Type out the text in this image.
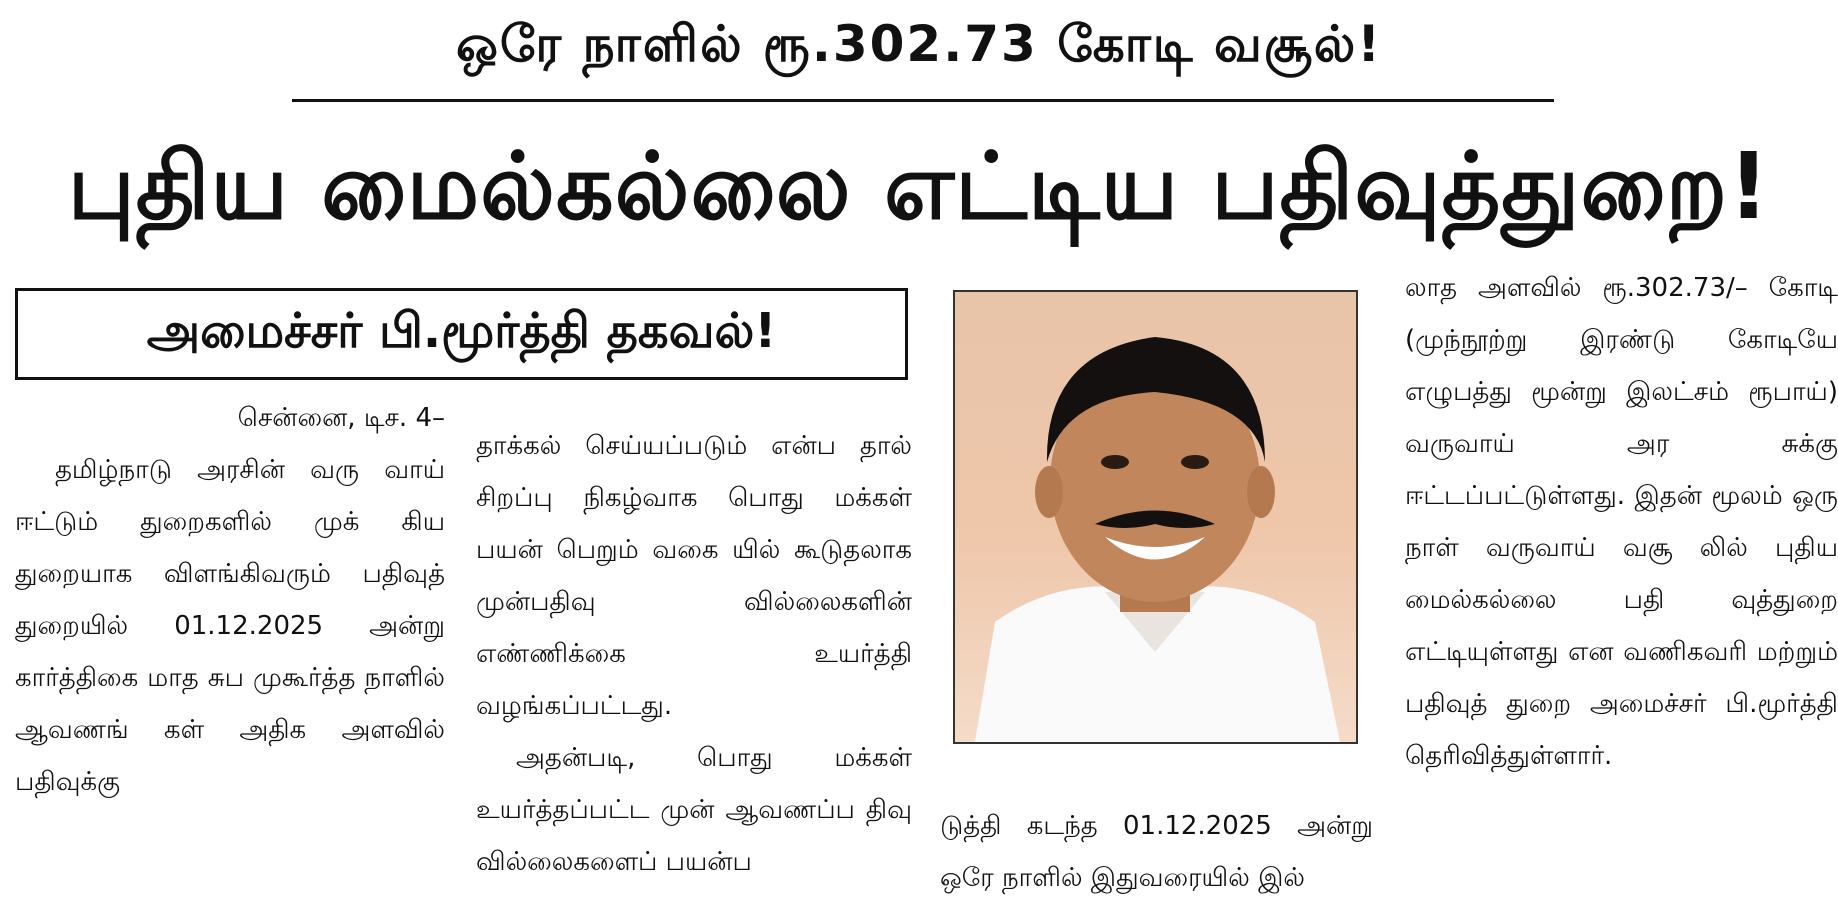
ஒரே நாளில் ரூ.302.73 கோடி வசூல்!
புதிய மைல்கல்லை எட்டிய பதிவுத்துறை!
அமைச்சர் பி.மூர்த்தி தகவல்!

சென்னை, டிச. 4–

தமிழ்நாடு அரசின் வரு வாய் ஈட்டும் துறைகளில் முக் கிய துறையாக விளங்கிவரும் பதிவுத் துறையில் 01.12.2025 அன்று கார்த்திகை மாத சுப முகூர்த்த நாளில் ஆவணங் கள் அதிக அளவில் பதிவுக்கு

தாக்கல் செய்யப்படும் என்ப தால் சிறப்பு நிகழ்வாக பொது மக்கள் பயன் பெறும் வகை யில் கூடுதலாக முன்பதிவு வில்லைகளின் எண்ணிக்கை உயர்த்தி வழங்கப்பட்டது.

அதன்படி, பொது மக்கள் உயர்த்தப்பட்ட முன் ஆவணப்ப திவு வில்லைகளைப் பயன்ப

டுத்தி கடந்த 01.12.2025 அன்று ஒரே நாளில் இதுவரையில் இல்

லாத அளவில் ரூ.302.73/– கோடி (முந்நூற்று இரண்டு கோடியே எழுபத்து மூன்று இலட்சம் ரூபாய்) வருவாய் அர சுக்கு ஈட்டப்பட்டுள்ளது. இதன் மூலம் ஒரு நாள் வருவாய் வசூ லில் புதிய மைல்கல்லை பதி வுத்துறை எட்டியுள்ளது என வணிகவரி மற்றும் பதிவுத் துறை அமைச்சர் பி.மூர்த்தி தெரிவித்துள்ளார்.
